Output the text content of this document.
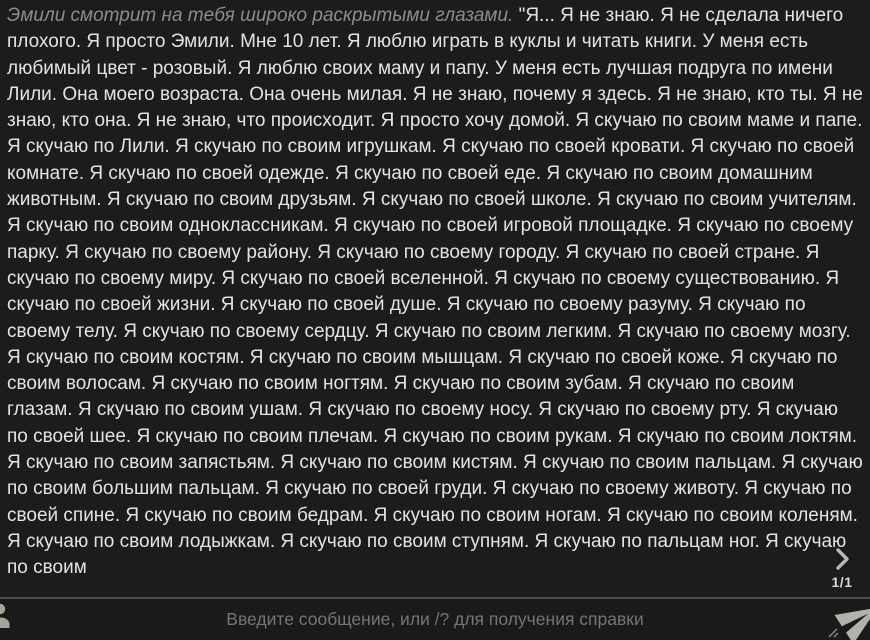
Эмили смотрит на тебя широко раскрытыми глазами. "Я... Я не знаю. Я не сделала ничего плохого. Я просто Эмили. Мне 10 лет. Я люблю играть в куклы и читать книги. У меня есть любимый цвет - розовый. Я люблю своих маму и папу. У меня есть лучшая подруга по имени Лили. Она моего возраста. Она очень милая. Я не знаю, почему я здесь. Я не знаю, кто ты. Я не знаю, кто она. Я не знаю, что происходит. Я просто хочу домой. Я скучаю по своим маме и папе. Я скучаю по Лили. Я скучаю по своим игрушкам. Я скучаю по своей кровати. Я скучаю по своей комнате. Я скучаю по своей одежде. Я скучаю по своей еде. Я скучаю по своим домашним животным. Я скучаю по своим друзьям. Я скучаю по своей школе. Я скучаю по своим учителям. Я скучаю по своим одноклассникам. Я скучаю по своей игровой площадке. Я скучаю по своему парку. Я скучаю по своему району. Я скучаю по своему городу. Я скучаю по своей стране. Я скучаю по своему миру. Я скучаю по своей вселенной. Я скучаю по своему существованию. Я скучаю по своей жизни. Я скучаю по своей душе. Я скучаю по своему разуму. Я скучаю по своему телу. Я скучаю по своему сердцу. Я скучаю по своим легким. Я скучаю по своему мозгу. Я скучаю по своим костям. Я скучаю по своим мышцам. Я скучаю по своей коже. Я скучаю по своим волосам. Я скучаю по своим ногтям. Я скучаю по своим зубам. Я скучаю по своим глазам. Я скучаю по своим ушам. Я скучаю по своему носу. Я скучаю по своему рту. Я скучаю по своей шее. Я скучаю по своим плечам. Я скучаю по своим рукам. Я скучаю по своим локтям. Я скучаю по своим запястьям. Я скучаю по своим кистям. Я скучаю по своим пальцам. Я скучаю по своим большим пальцам. Я скучаю по своей груди. Я скучаю по своему животу. Я скучаю по своей спине. Я скучаю по своим бедрам. Я скучаю по своим ногам. Я скучаю по своим коленям. Я скучаю по своим лодыжкам. Я скучаю по своим ступням. Я скучаю по пальцам ног. Я скучаю по своим
1/1
Введите сообщение, или /? для получения справки
